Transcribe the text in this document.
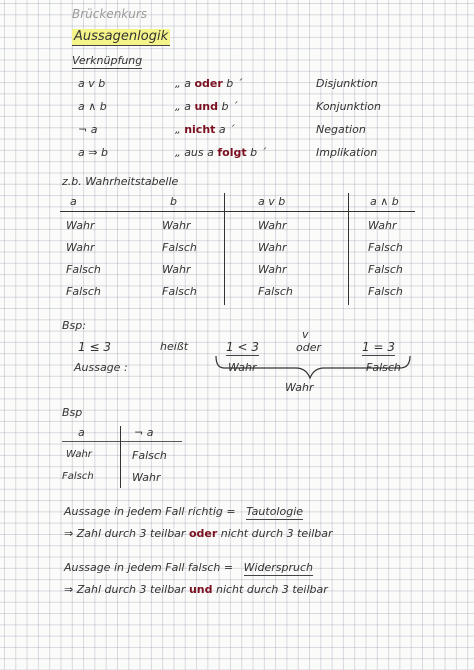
Brückenkurs
Aussagenlogik
Verknüpfung
a v b	„ a oder b ´	Disjunktion
a ∧ b	„ a und b ´	Konjunktion
¬ a	„ nicht a ´	Negation
a ⇒ b	„ aus a folgt b ´	Implikation
z.b. Wahrheitstabelle
a	b	a v b	a ∧ b
Wahr	Wahr	Wahr	Wahr
Wahr	Falsch	Wahr	Falsch
Falsch	Wahr	Wahr	Falsch
Falsch	Falsch	Falsch	Falsch
Bsp:
1 ≤ 3	heißt
Aussage :
1 < 3
v
oder	1 = 3
Wahr	Falsch
Wahr
Bsp
a	¬ a
Wahr	Falsch
Falsch	Wahr
Aussage in jedem Fall richtig = Tautologie
⇒ Zahl durch 3 teilbar oder nicht durch 3 teilbar
Aussage in jedem Fall falsch = Widerspruch
⇒ Zahl durch 3 teilbar und nicht durch 3 teilbar
